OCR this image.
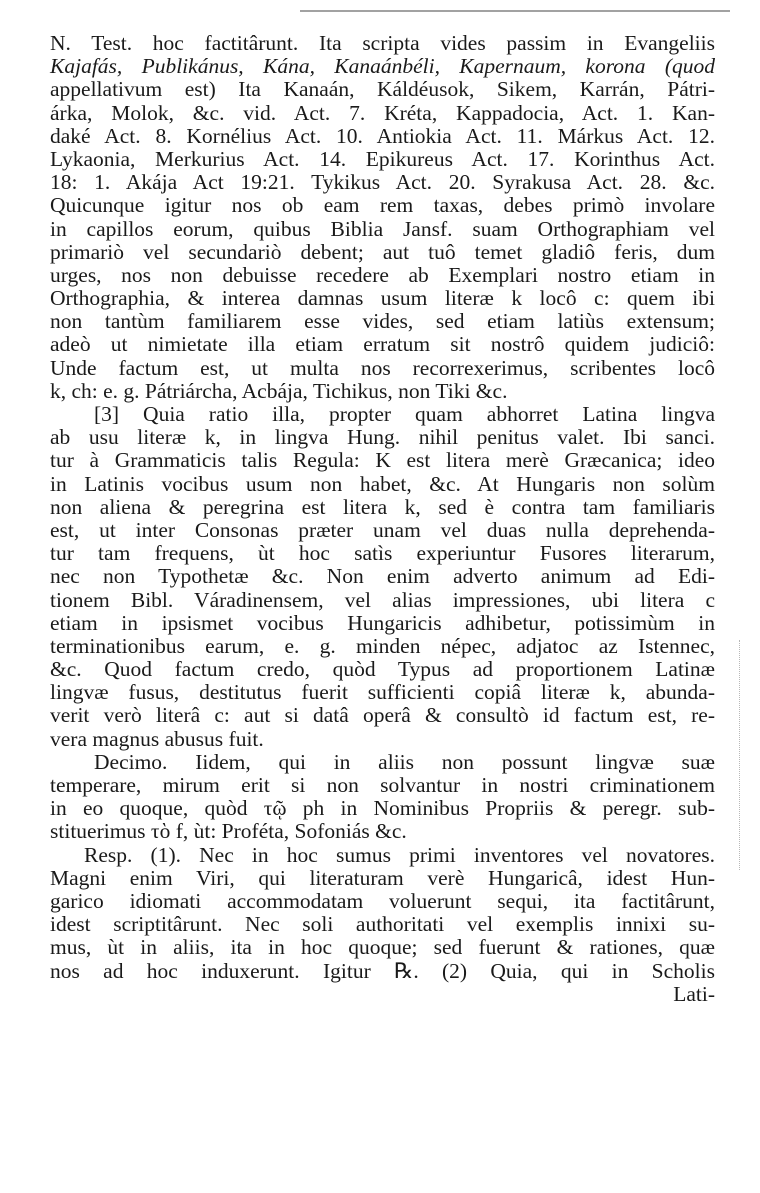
N. Test. hoc factitârunt. Ita scripta vides passim in Evangeliis
Kajafás, Publikánus, Kána, Kanaánbéli, Kapernaum, korona (quod
appellativum est) Ita Kanaán, Káldéusok, Sikem, Karrán, Pátri-
árka, Molok, &c. vid. Act. 7. Kréta, Kappadocia, Act. 1. Kan-
daké Act. 8. Kornélius Act. 10. Antiokia Act. 11. Márkus Act. 12.
Lykaonia, Merkurius Act. 14. Epikureus Act. 17. Korinthus Act.
18: 1. Akája Act 19:21. Tykikus Act. 20. Syrakusa Act. 28. &c.
Quicunque igitur nos ob eam rem taxas, debes primò involare
in capillos eorum, quibus Biblia Jansf. suam Orthographiam vel
primariò vel secundariò debent; aut tuô temet gladiô feris, dum
urges, nos non debuisse recedere ab Exemplari nostro etiam in
Orthographia, & interea damnas usum literæ k locô c: quem ibi
non tantùm familiarem esse vides, sed etiam latiùs extensum;
adeò ut nimietate illa etiam erratum sit nostrô quidem judiciô:
Unde factum est, ut multa nos recorrexerimus, scribentes locô
k, ch: e. g. Pátriárcha, Acbája, Tichikus, non Tiki &c.
[3] Quia ratio illa, propter quam abhorret Latina lingva
ab usu literæ k, in lingva Hung. nihil penitus valet. Ibi sanci.
tur à Grammaticis talis Regula: K est litera merè Græcanica; ideo
in Latinis vocibus usum non habet, &c. At Hungaris non solùm
non aliena & peregrina est litera k, sed è contra tam familiaris
est, ut inter Consonas præter unam vel duas nulla deprehenda-
tur tam frequens, ùt hoc satìs experiuntur Fusores literarum,
nec non Typothetæ &c. Non enim adverto animum ad Edi-
tionem Bibl. Váradinensem, vel alias impressiones, ubi litera c
etiam in ipsismet vocibus Hungaricis adhibetur, potissimùm in
terminationibus earum, e. g. minden népec, adjatoc az Istennec,
&c. Quod factum credo, quòd Typus ad proportionem Latinæ
lingvæ fusus, destitutus fuerit sufficienti copiâ literæ k, abunda-
verit verò literâ c: aut si datâ operâ & consultò id factum est, re-
vera magnus abusus fuit.
Decimo. Iidem, qui in aliis non possunt lingvæ suæ
temperare, mirum erit si non solvantur in nostri criminationem
in eo quoque, quòd τῷ ph in Nominibus Propriis & peregr. sub-
stituerimus τὸ f, ùt: Proféta, Sofoniás &c.
Resp. (1). Nec in hoc sumus primi inventores vel novatores.
Magni enim Viri, qui literaturam verè Hungaricâ, idest Hun-
garico idiomati accommodatam voluerunt sequi, ita factitârunt,
idest scriptitârunt. Nec soli authoritati vel exemplis innixi su-
mus, ùt in aliis, ita in hoc quoque; sed fuerunt & rationes, quæ
nos ad hoc induxerunt. Igitur ℞. (2) Quia, qui in Scholis
Lati-
